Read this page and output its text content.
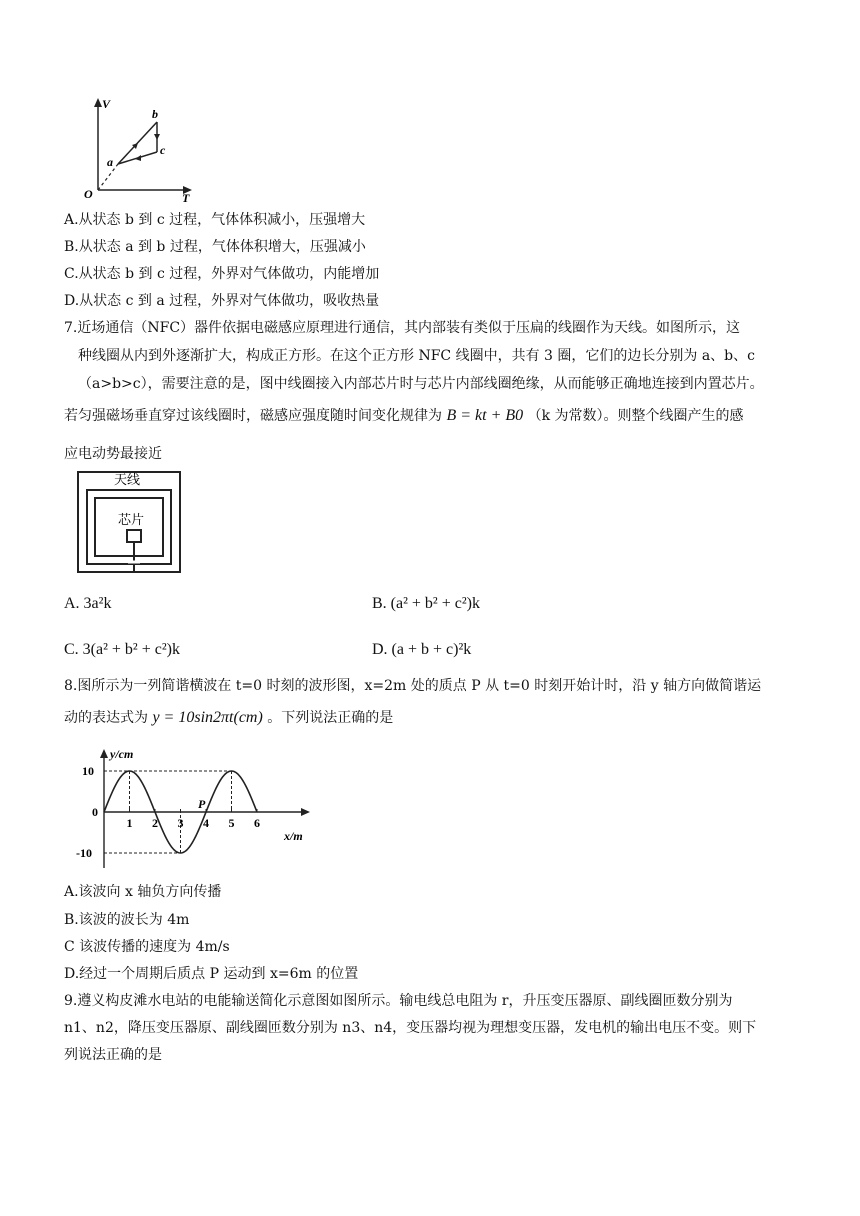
V
T
O
a
b
c
A.从状态 b 到 c 过程，气体体积减小，压强增大
B.从状态 a 到 b 过程，气体体积增大，压强减小
C.从状态 b 到 c 过程，外界对气体做功，内能增加
D.从状态 c 到 a 过程，外界对气体做功，吸收热量
7.近场通信（NFC）器件依据电磁感应原理进行通信，其内部装有类似于压扁的线圈作为天线。如图所示，这
种线圈从内到外逐渐扩大，构成正方形。在这个正方形 NFC 线圈中，共有 3 圈，它们的边长分别为 a、b、c
（a>b>c），需要注意的是，图中线圈接入内部芯片时与芯片内部线圈绝缘，从而能够正确地连接到内置芯片。
若匀强磁场垂直穿过该线圈时，磁感应强度随时间变化规律为 B = kt + B0 （k 为常数）。则整个线圈产生的感
应电动势最接近
天线
芯片
A. 3a²k	B. (a² + b² + c²)k
C. 3(a² + b² + c²)k	D. (a + b + c)²k
8.图所示为一列简谐横波在 t=0 时刻的波形图，x=2m 处的质点 P 从 t=0 时刻开始计时，沿 y 轴方向做简谐运
动的表达式为 y = 10sin2πt(cm) 。下列说法正确的是
y/cm
x/m
P
1 2 3 4 5 6
10
0
-10
A.该波向 x 轴负方向传播
B.该波的波长为 4m
C 该波传播的速度为 4m/s
D.经过一个周期后质点 P 运动到 x=6m 的位置
9.遵义构皮滩水电站的电能输送简化示意图如图所示。输电线总电阻为 r，升压变压器原、副线圈匝数分别为
n1、n2，降压变压器原、副线圈匝数分别为 n3、n4，变压器均视为理想变压器，发电机的输出电压不变。则下
列说法正确的是
